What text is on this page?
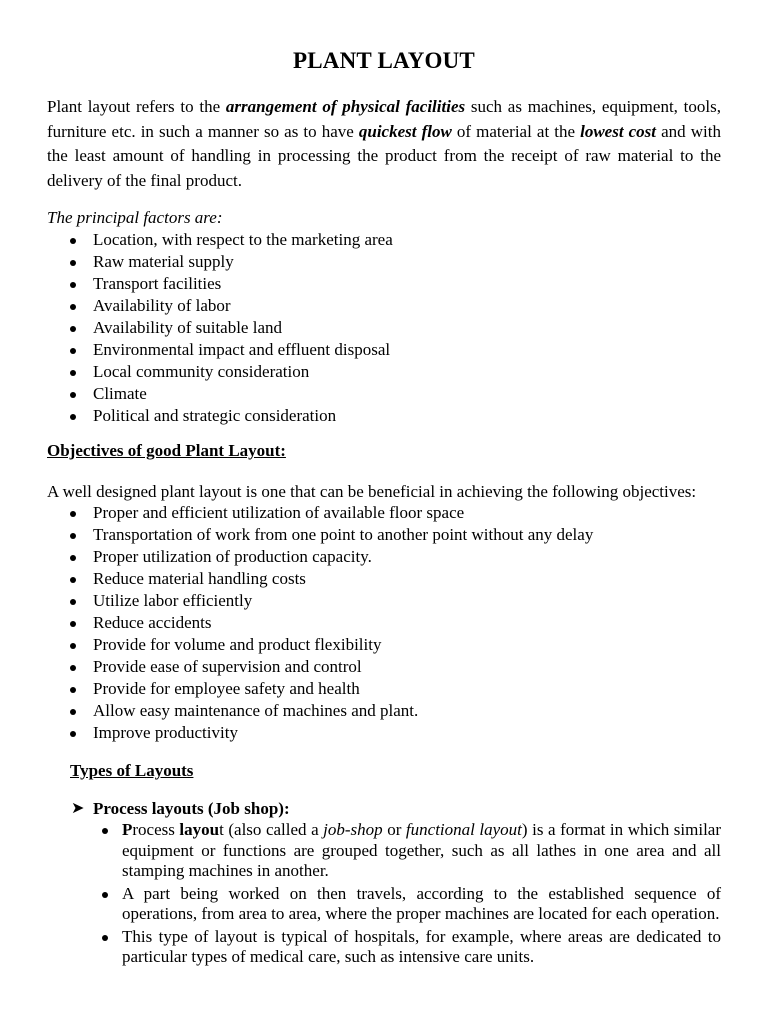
PLANT LAYOUT

Plant layout refers to the arrangement of physical facilities such as machines, equipment, tools, furniture etc. in such a manner so as to have quickest flow of material at the lowest cost and with the least amount of handling in processing the product from the receipt of raw material to the delivery of the final product.

The principal factors are:

Location, with respect to the marketing area
Raw material supply
Transport facilities
Availability of labor
Availability of suitable land
Environmental impact and effluent disposal
Local community consideration
Climate
Political and strategic consideration

Objectives of good Plant Layout:

A well designed plant layout is one that can be beneficial in achieving the following objectives:

Proper and efficient utilization of available floor space
Transportation of work from one point to another point without any delay
Proper utilization of production capacity.
Reduce material handling costs
Utilize labor efficiently
Reduce accidents
Provide for volume and product flexibility
Provide ease of supervision and control
Provide for employee safety and health
Allow easy maintenance of machines and plant.
Improve productivity

Types of Layouts

➤ Process layouts (Job shop):
Process layout (also called a job-shop or functional layout) is a format in which similar equipment or functions are grouped together, such as all lathes in one area and all stamping machines in another.
A part being worked on then travels, according to the established sequence of operations, from area to area, where the proper machines are located for each operation.
This type of layout is typical of hospitals, for example, where areas are dedicated to particular types of medical care, such as intensive care units.
